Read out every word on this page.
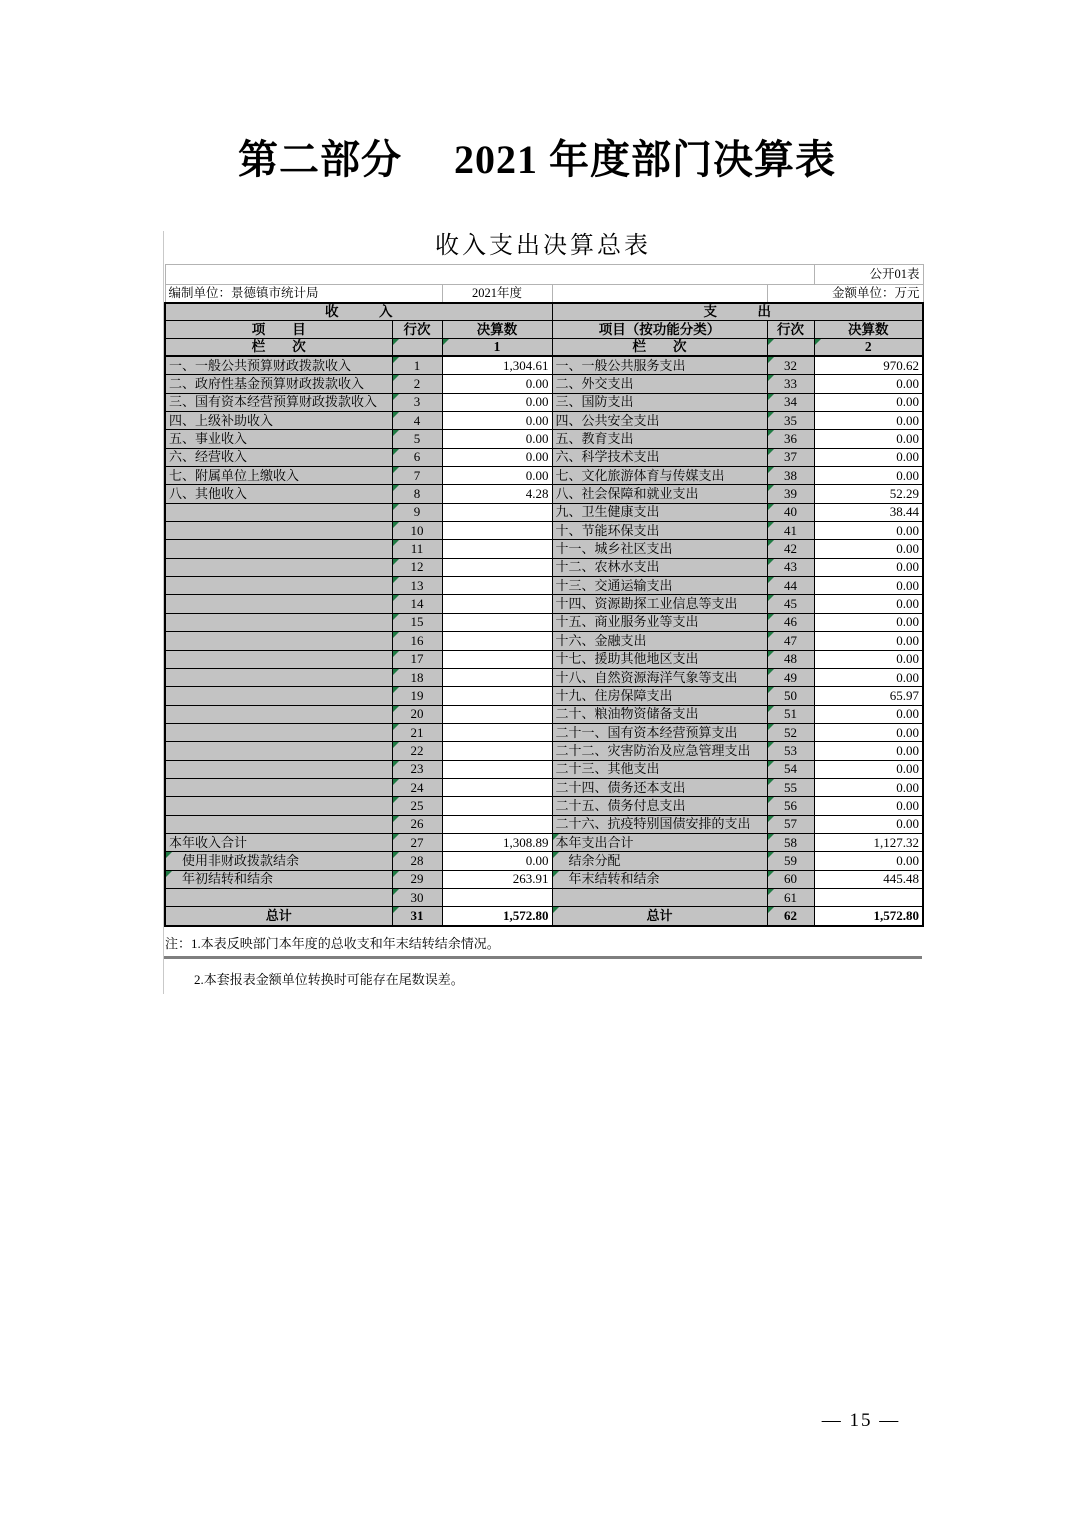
第二部分　 2021 年度部门决算表
收入支出决算总表
					公开01表
编制单位：景德镇市统计局		2021年度		金额单位：万元	
收　　　入			支　　　出		
项　　目	行次	决算数	项目（按功能分类）	行次	决算数
栏　　次		1	栏　　次		2
一、一般公共预算财政拨款收入	1	1,304.61	一、一般公共服务支出	32	970.62
二、政府性基金预算财政拨款收入	2	0.00	二、外交支出	33	0.00
三、国有资本经营预算财政拨款收入	3	0.00	三、国防支出	34	0.00
四、上级补助收入	4	0.00	四、公共安全支出	35	0.00
五、事业收入	5	0.00	五、教育支出	36	0.00
六、经营收入	6	0.00	六、科学技术支出	37	0.00
七、附属单位上缴收入	7	0.00	七、文化旅游体育与传媒支出	38	0.00
八、其他收入	8	4.28	八、社会保障和就业支出	39	52.29
	9		九、卫生健康支出	40	38.44
	10		十、节能环保支出	41	0.00
	11		十一、城乡社区支出	42	0.00
	12		十二、农林水支出	43	0.00
	13		十三、交通运输支出	44	0.00
	14		十四、资源勘探工业信息等支出	45	0.00
	15		十五、商业服务业等支出	46	0.00
	16		十六、金融支出	47	0.00
	17		十七、援助其他地区支出	48	0.00
	18		十八、自然资源海洋气象等支出	49	0.00
	19		十九、住房保障支出	50	65.97
	20		二十、粮油物资储备支出	51	0.00
	21		二十一、国有资本经营预算支出	52	0.00
	22		二十二、灾害防治及应急管理支出	53	0.00
	23		二十三、其他支出	54	0.00
	24		二十四、债务还本支出	55	0.00
	25		二十五、债务付息支出	56	0.00
	26		二十六、抗疫特别国债安排的支出	57	0.00
本年收入合计	27	1,308.89	本年支出合计	58	1,127.32
　使用非财政拨款结余	28	0.00	　结余分配	59	0.00
　年初结转和结余	29	263.91	　年末结转和结余	60	445.48
	30			61	
总计	31	1,572.80	总计	62	1,572.80
注：1.本表反映部门本年度的总收支和年末结转结余情况。
2.本套报表金额单位转换时可能存在尾数误差。
— 15 —
